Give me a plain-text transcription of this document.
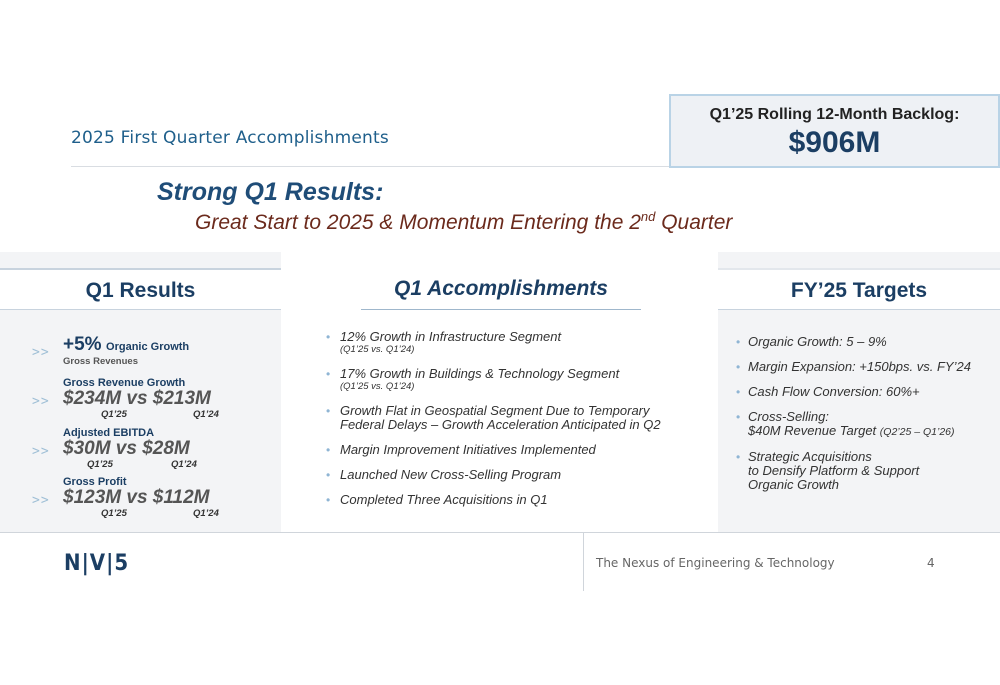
2025 First Quarter Accomplishments
Q1’25 Rolling 12-Month Backlog:
$906M
Strong Q1 Results:
Great Start to 2025 & Momentum Entering the 2nd Quarter
Q1 Results
>> +5% Organic Growth
Gross Revenues
>>
Gross Revenue Growth
$234M vs $213M
Q1’25	Q1’24
>>
Adjusted EBITDA
$30M vs $28M
Q1’25	Q1’24
>>
Gross Profit
$123M vs $112M
Q1’25	Q1’24
Q1 Accomplishments
• 12% Growth in Infrastructure Segment
(Q1’25 vs. Q1’24)
• 17% Growth in Buildings & Technology Segment
(Q1’25 vs. Q1’24)
• Growth Flat in Geospatial Segment Due to Temporary
Federal Delays – Growth Acceleration Anticipated in Q2
• Margin Improvement Initiatives Implemented
• Launched New Cross-Selling Program
• Completed Three Acquisitions in Q1
FY’25 Targets
• Organic Growth: 5 – 9%
• Margin Expansion: +150bps. vs. FY’24
• Cash Flow Conversion: 60%+
• Cross-Selling:
$40M Revenue Target (Q2’25 – Q1’26)
• Strategic Acquisitions
to Densify Platform & Support
Organic Growth
N|V|5	The Nexus of Engineering & Technology	4
